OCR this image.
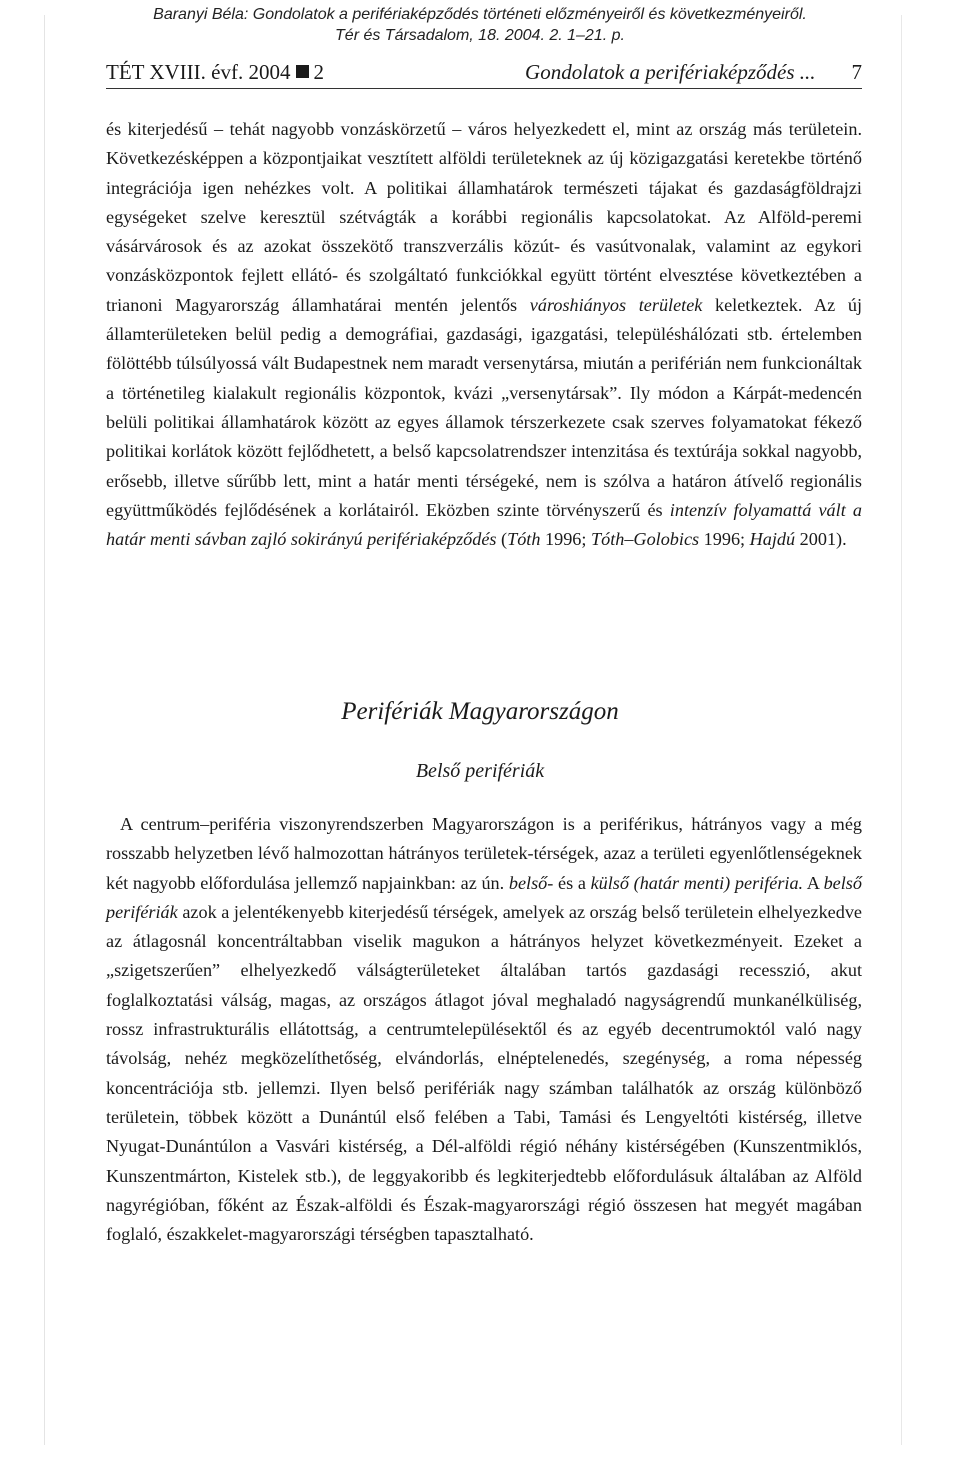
Baranyi Béla: Gondolatok a perifériaképződés történeti előzményeiről és következményeiről.
Tér és Társadalom, 18. 2004. 2. 1–21. p.
TÉT XVIII. évf. 2004 2	Gondolatok a perifériaképződés ... 7

és kiterjedésű – tehát nagyobb vonzáskörzetű – város helyezkedett el, mint az ország más területein. Következésképpen a központjaikat vesztített alföldi területeknek az új közigazgatási keretekbe történő integrációja igen nehézkes volt. A politikai államhatárok természeti tájakat és gazdaságföldrajzi egységeket szelve keresztül szétvágták a korábbi regionális kapcsolatokat. Az Alföld-peremi vásárvárosok és az azokat összekötő transzverzális közút- és vasútvonalak, valamint az egykori vonzásközpontok fejlett ellátó- és szolgáltató funkciókkal együtt történt elvesztése következtében a trianoni Magyarország államhatárai mentén jelentős városhiányos területek keletkeztek. Az új államterületeken belül pedig a demográfiai, gazdasági, igazgatási, településhálózati stb. értelemben fölöttébb túlsúlyossá vált Budapestnek nem maradt versenytársa, miután a periférián nem funkcionáltak a történetileg kialakult regionális központok, kvázi „versenytársak”. Ily módon a Kárpát-medencén belüli politikai államhatárok között az egyes államok térszerkezete csak szerves folyamatokat fékező politikai korlátok között fejlődhetett, a belső kapcsolatrendszer intenzitása és textúrája sokkal nagyobb, erősebb, illetve sűrűbb lett, mint a határ menti térségeké, nem is szólva a határon átívelő regionális együttműködés fejlődésének a korlátairól. Eközben szinte törvényszerű és intenzív folyamattá vált a határ menti sávban zajló sokirányú perifériaképződés (Tóth 1996; Tóth–Golobics 1996; Hajdú 2001).

Perifériák Magyarországon
Belső perifériák

A centrum–periféria viszonyrendszerben Magyarországon is a periférikus, hátrányos vagy a még rosszabb helyzetben lévő halmozottan hátrányos területek-térségek, azaz a területi egyenlőtlenségeknek két nagyobb előfordulása jellemző napjainkban: az ún. belső- és a külső (határ menti) periféria. A belső perifériák azok a jelentékenyebb kiterjedésű térségek, amelyek az ország belső területein elhelyezkedve az átlagosnál koncentráltabban viselik magukon a hátrányos helyzet következményeit. Ezeket a „szigetszerűen” elhelyezkedő válságterületeket általában tartós gazdasági recesszió, akut foglalkoztatási válság, magas, az országos átlagot jóval meghaladó nagyságrendű munkanélküliség, rossz infrastrukturális ellátottság, a centrumtelepülésektől és az egyéb decentrumoktól való nagy távolság, nehéz megközelíthetőség, elvándorlás, elnéptelenedés, szegénység, a roma népesség koncentrációja stb. jellemzi. Ilyen belső perifériák nagy számban találhatók az ország különböző területein, többek között a Dunántúl első felében a Tabi, Tamási és Lengyeltóti kistérség, illetve Nyugat-Dunántúlon a Vasvári kistérség, a Dél-alföldi régió néhány kistérségében (Kunszentmiklós, Kunszentmárton, Kistelek stb.), de leggyakoribb és legkiterjedtebb előfordulásuk általában az Alföld nagyrégióban, főként az Észak-alföldi és Észak-magyarországi régió összesen hat megyét magában foglaló, északkelet-magyarországi térségben tapasztalható.
